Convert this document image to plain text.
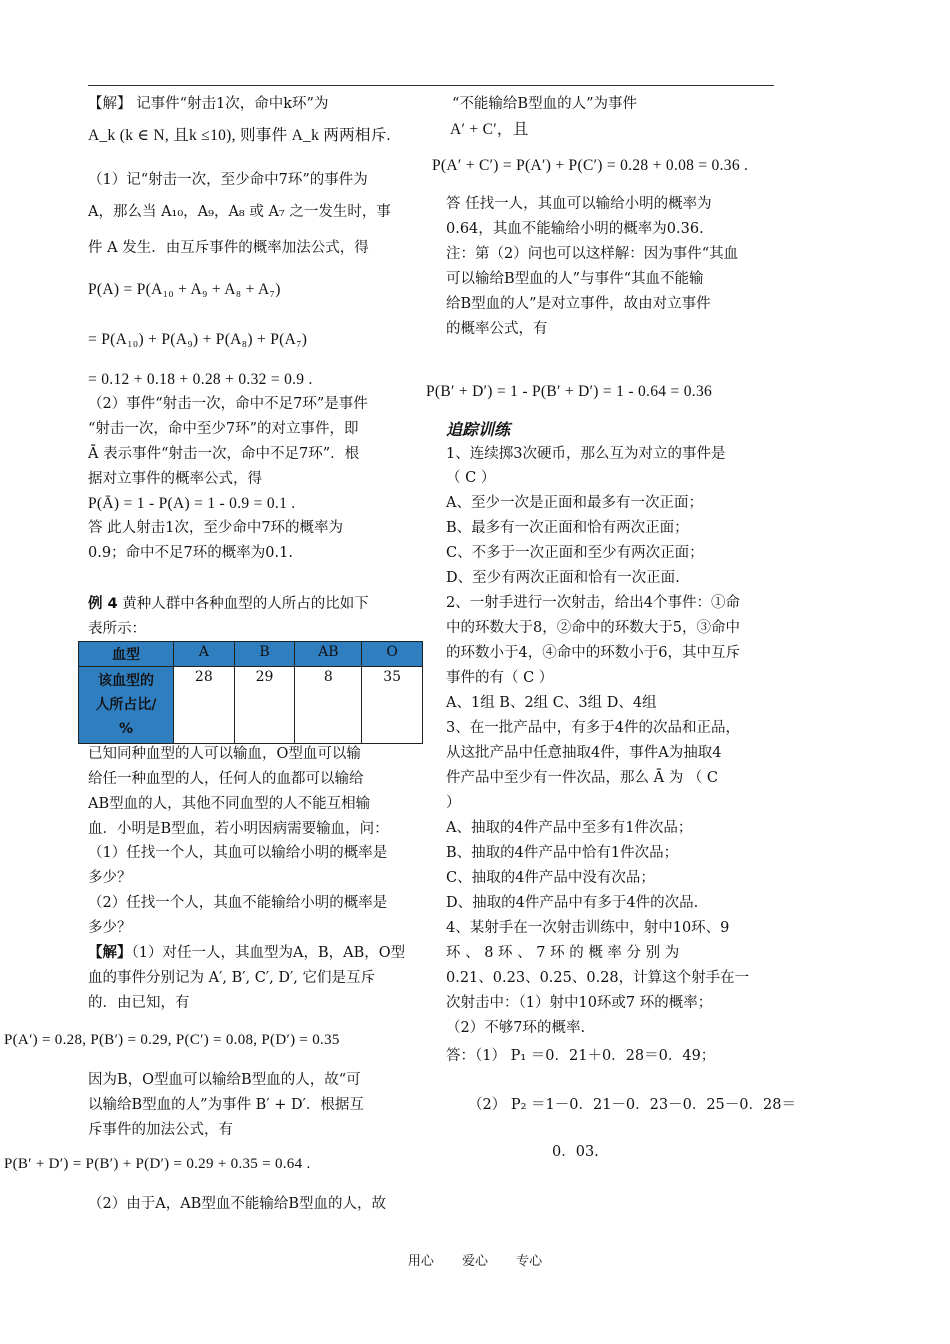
【解】 记事件“射击1次，命中k环”为
A_k (k ∈ N, 且k ≤10), 则事件 A_k 两两相斥.
（1）记“射击一次，至少命中7环”的事件为
A，那么当 A₁₀，A₉，A₈ 或 A₇ 之一发生时，事
件 A 发生．由互斥事件的概率加法公式，得
P(A) = P(A₁₀ + A₉ + A₈ + A₇)
= P(A₁₀) + P(A₉) + P(A₈) + P(A₇)
= 0.12 + 0.18 + 0.28 + 0.32 = 0.9 .
（2）事件“射击一次，命中不足7环”是事件
“射击一次，命中至少7环”的对立事件，即
Ā 表示事件“射击一次，命中不足7环”．根
据对立事件的概率公式，得
P(Ā) = 1 - P(A) = 1 - 0.9 = 0.1 .
答 此人射击1次，至少命中7环的概率为
0.9；命中不足7环的概率为0.1.
例 4 黄种人群中各种血型的人所占的比如下
表所示：
已知同种血型的人可以输血，O型血可以输
给任一种血型的人，任何人的血都可以输给
AB型血的人，其他不同血型的人不能互相输
血．小明是B型血，若小明因病需要输血，问：
（1）任找一个人，其血可以输给小明的概率是
多少？
（2）任找一个人，其血不能输给小明的概率是
多少？
【解】（1）对任一人，其血型为A，B，AB，O型
血的事件分别记为 A′, B′, C′, D′, 它们是互斥
的．由已知，有
P(A′) = 0.28, P(B′) = 0.29, P(C′) = 0.08, P(D′) = 0.35
因为B，O型血可以输给B型血的人，故“可
以输给B型血的人”为事件 B′ + D′．根据互
斥事件的加法公式，有
P(B′ + D′) = P(B′) + P(D′) = 0.29 + 0.35 = 0.64 .
（2）由于A，AB型血不能输给B型血的人，故
血型	A	B	AB	O

该血型的
人所占比/
%	28	29	8	35
“不能输给B型血的人”为事件
A′ + C′，且
P(A′ + C′) = P(A′) + P(C′) = 0.28 + 0.08 = 0.36 .
答 任找一人，其血可以输给小明的概率为
0.64，其血不能输给小明的概率为0.36.
注：第（2）问也可以这样解：因为事件“其血
可以输给B型血的人”与事件“其血不能输
给B型血的人”是对立事件，故由对立事件
的概率公式，有
P(B′ + D′) = 1 - P(B′ + D′) = 1 - 0.64 = 0.36
追踪训练
1、连续掷3次硬币，那么互为对立的事件是
（ C ）
A、至少一次是正面和最多有一次正面；
B、最多有一次正面和恰有两次正面；
C、不多于一次正面和至少有两次正面；
D、至少有两次正面和恰有一次正面.
2、一射手进行一次射击，给出4个事件：①命
中的环数大于8，②命中的环数大于5，③命中
的环数小于4，④命中的环数小于6，其中互斥
事件的有（ C ）
A、1组 B、2组 C、3组 D、4组
3、在一批产品中，有多于4件的次品和正品，
从这批产品中任意抽取4件，事件A为抽取4
件产品中至少有一件次品，那么 Ā 为 （ C
）
A、抽取的4件产品中至多有1件次品；
B、抽取的4件产品中恰有1件次品；
C、抽取的4件产品中没有次品；
D、抽取的4件产品中有多于4件的次品.
4、某射手在一次射击训练中，射中10环、9
环 、 8 环 、 7 环 的 概 率 分 别 为
0.21、0.23、0.25、0.28，计算这个射手在一
次射击中：（1）射中10环或7 环的概率；
（2）不够7环的概率.
答：（1） P₁ ＝0．21＋0．28＝0．49；
（2） P₂ ＝1－0．21－0．23－0．25－0．28＝
0．03.
用心 爱心 专心
